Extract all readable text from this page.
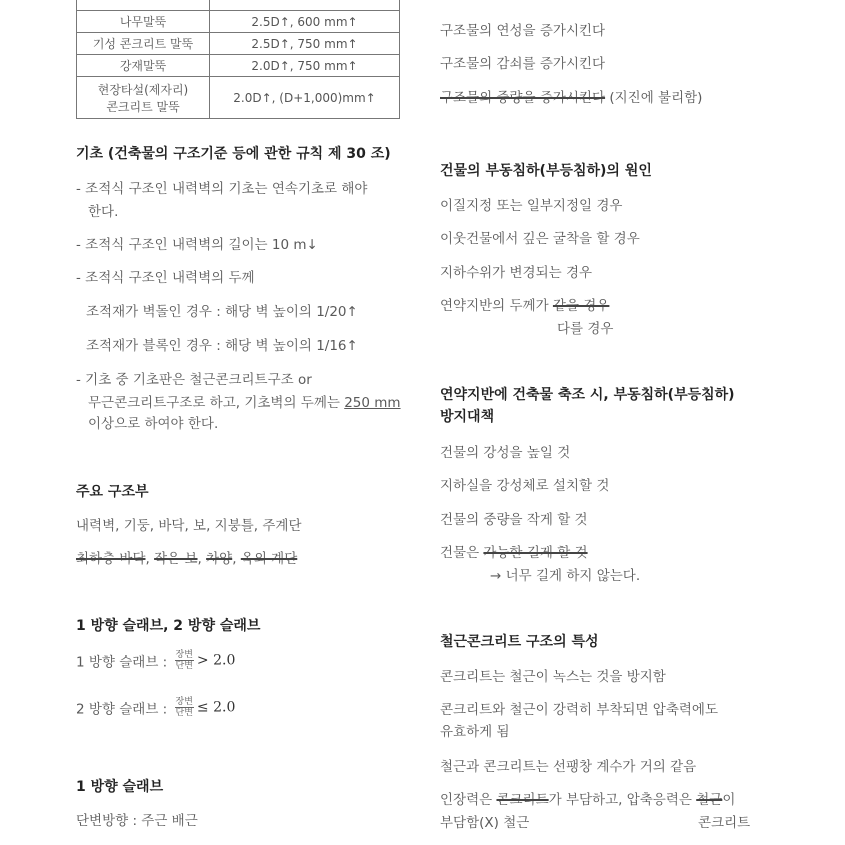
나무말뚝	2.5D↑, 600 mm↑
기성 콘크리트 말뚝	2.5D↑, 750 mm↑
강재말뚝	2.0D↑, 750 mm↑
현장타설(제자리)
콘크리트 말뚝	2.0D↑, (D+1,000)mm↑
기초 (건축물의 구조기준 등에 관한 규칙 제 30 조)
- 조적식 구조인 내력벽의 기초는 연속기초로 해야
한다.
- 조적식 구조인 내력벽의 길이는 10 m↓
- 조적식 구조인 내력벽의 두께
조적재가 벽돌인 경우 : 해당 벽 높이의 1/20↑
조적재가 블록인 경우 : 해당 벽 높이의 1/16↑
- 기초 중 기초판은 철근콘크리트구조 or
무근콘크리트구조로 하고, 기초벽의 두께는 250 mm
이상으로 하여야 한다.
주요 구조부
내력벽, 기둥, 바닥, 보, 지붕틀, 주계단
최하층 바닥, 작은 보, 차양, 옥외 계단
1 방향 슬래브, 2 방향 슬래브
1 방향 슬래브 : $\frac{\text{장변}}{\text{단변}} > 2.0$
2 방향 슬래브 : $\frac{\text{장변}}{\text{단변}} \le 2.0$
1 방향 슬래브
단변방향 : 주근 배근
구조물의 연성을 증가시킨다
구조물의 감쇠를 증가시킨다
구조물의 중량을 증가시킨다 (지진에 불리함)
건물의 부동침하(부등침하)의 원인
이질지정 또는 일부지정일 경우
이웃건물에서 깊은 굴착을 할 경우
지하수위가 변경되는 경우
연약지반의 두께가 같을 경우
다를 경우
연약지반에 건축물 축조 시, 부동침하(부등침하)
방지대책
건물의 강성을 높일 것
지하실을 강성체로 설치할 것
건물의 중량을 작게 할 것
건물은 가능한 길게 할 것
→ 너무 길게 하지 않는다.
철근콘크리트 구조의 특성
콘크리트는 철근이 녹스는 것을 방지함
콘크리트와 철근이 강력히 부착되면 압축력에도
유효하게 됨
철근과 콘크리트는 선팽창 계수가 거의 같음
인장력은 콘크리트가 부담하고, 압축응력은 철근이
부담함(X) 철근	콘크리트
